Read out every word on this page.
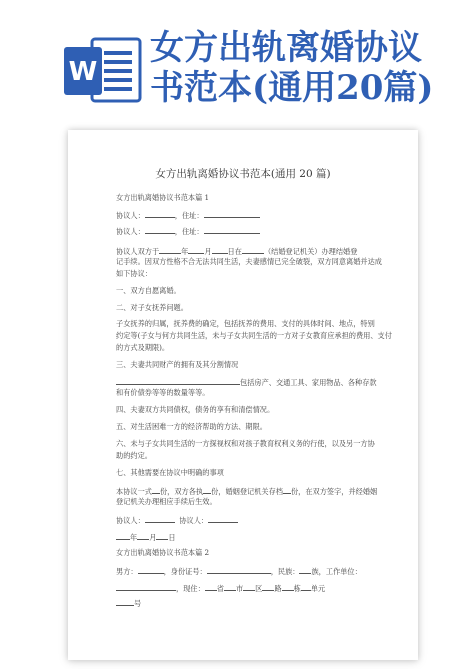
W
女方出轨离婚协议
书范本(通用20篇)
女方出轨离婚协议书范本(通用 20 篇)
女方出轨离婚协议书范本篇 1
协议人：	，住址：
协议人：	，住址：
协议人双方于	年 月 日在	（结婚登记机关）办理结婚登
记手续。因双方性格不合无法共同生活，夫妻感情已完全破裂，双方同意离婚并达成
如下协议：
一、双方自愿离婚。
二、对子女抚养问题。
子女抚养的归属，抚养费的确定，包括抚养的费用、支付的具体时间、地点，特别
约定等(子女与何方共同生活，未与子女共同生活的一方对子女教育应承担的费用、支付
的方式及期限)。
三、夫妻共同财产的拥有及其分割情况
包括房产、交通工具、家用物品、各种存款
和有价债券等等的数量等等。
四、夫妻双方共同债权，债务的享有和清偿情况。
五、对生活困难一方的经济帮助的方法、期限。
六、未与子女共同生活的一方探视权和对孩子教育权利义务的行使，以及另一方协
助的约定。
七、其他需要在协议中明确的事项
本协议一式 份，双方各执 份，婚姻登记机关存档 份，在双方签字，并经婚姻
登记机关办理相应手续后生效。
协议人：	协议人：
年 月 日
女方出轨离婚协议书范本篇 2
男方：	，身份证号：	，民族： 族，工作单位：
，现住： 省 市 区 路 栋 单元
号
